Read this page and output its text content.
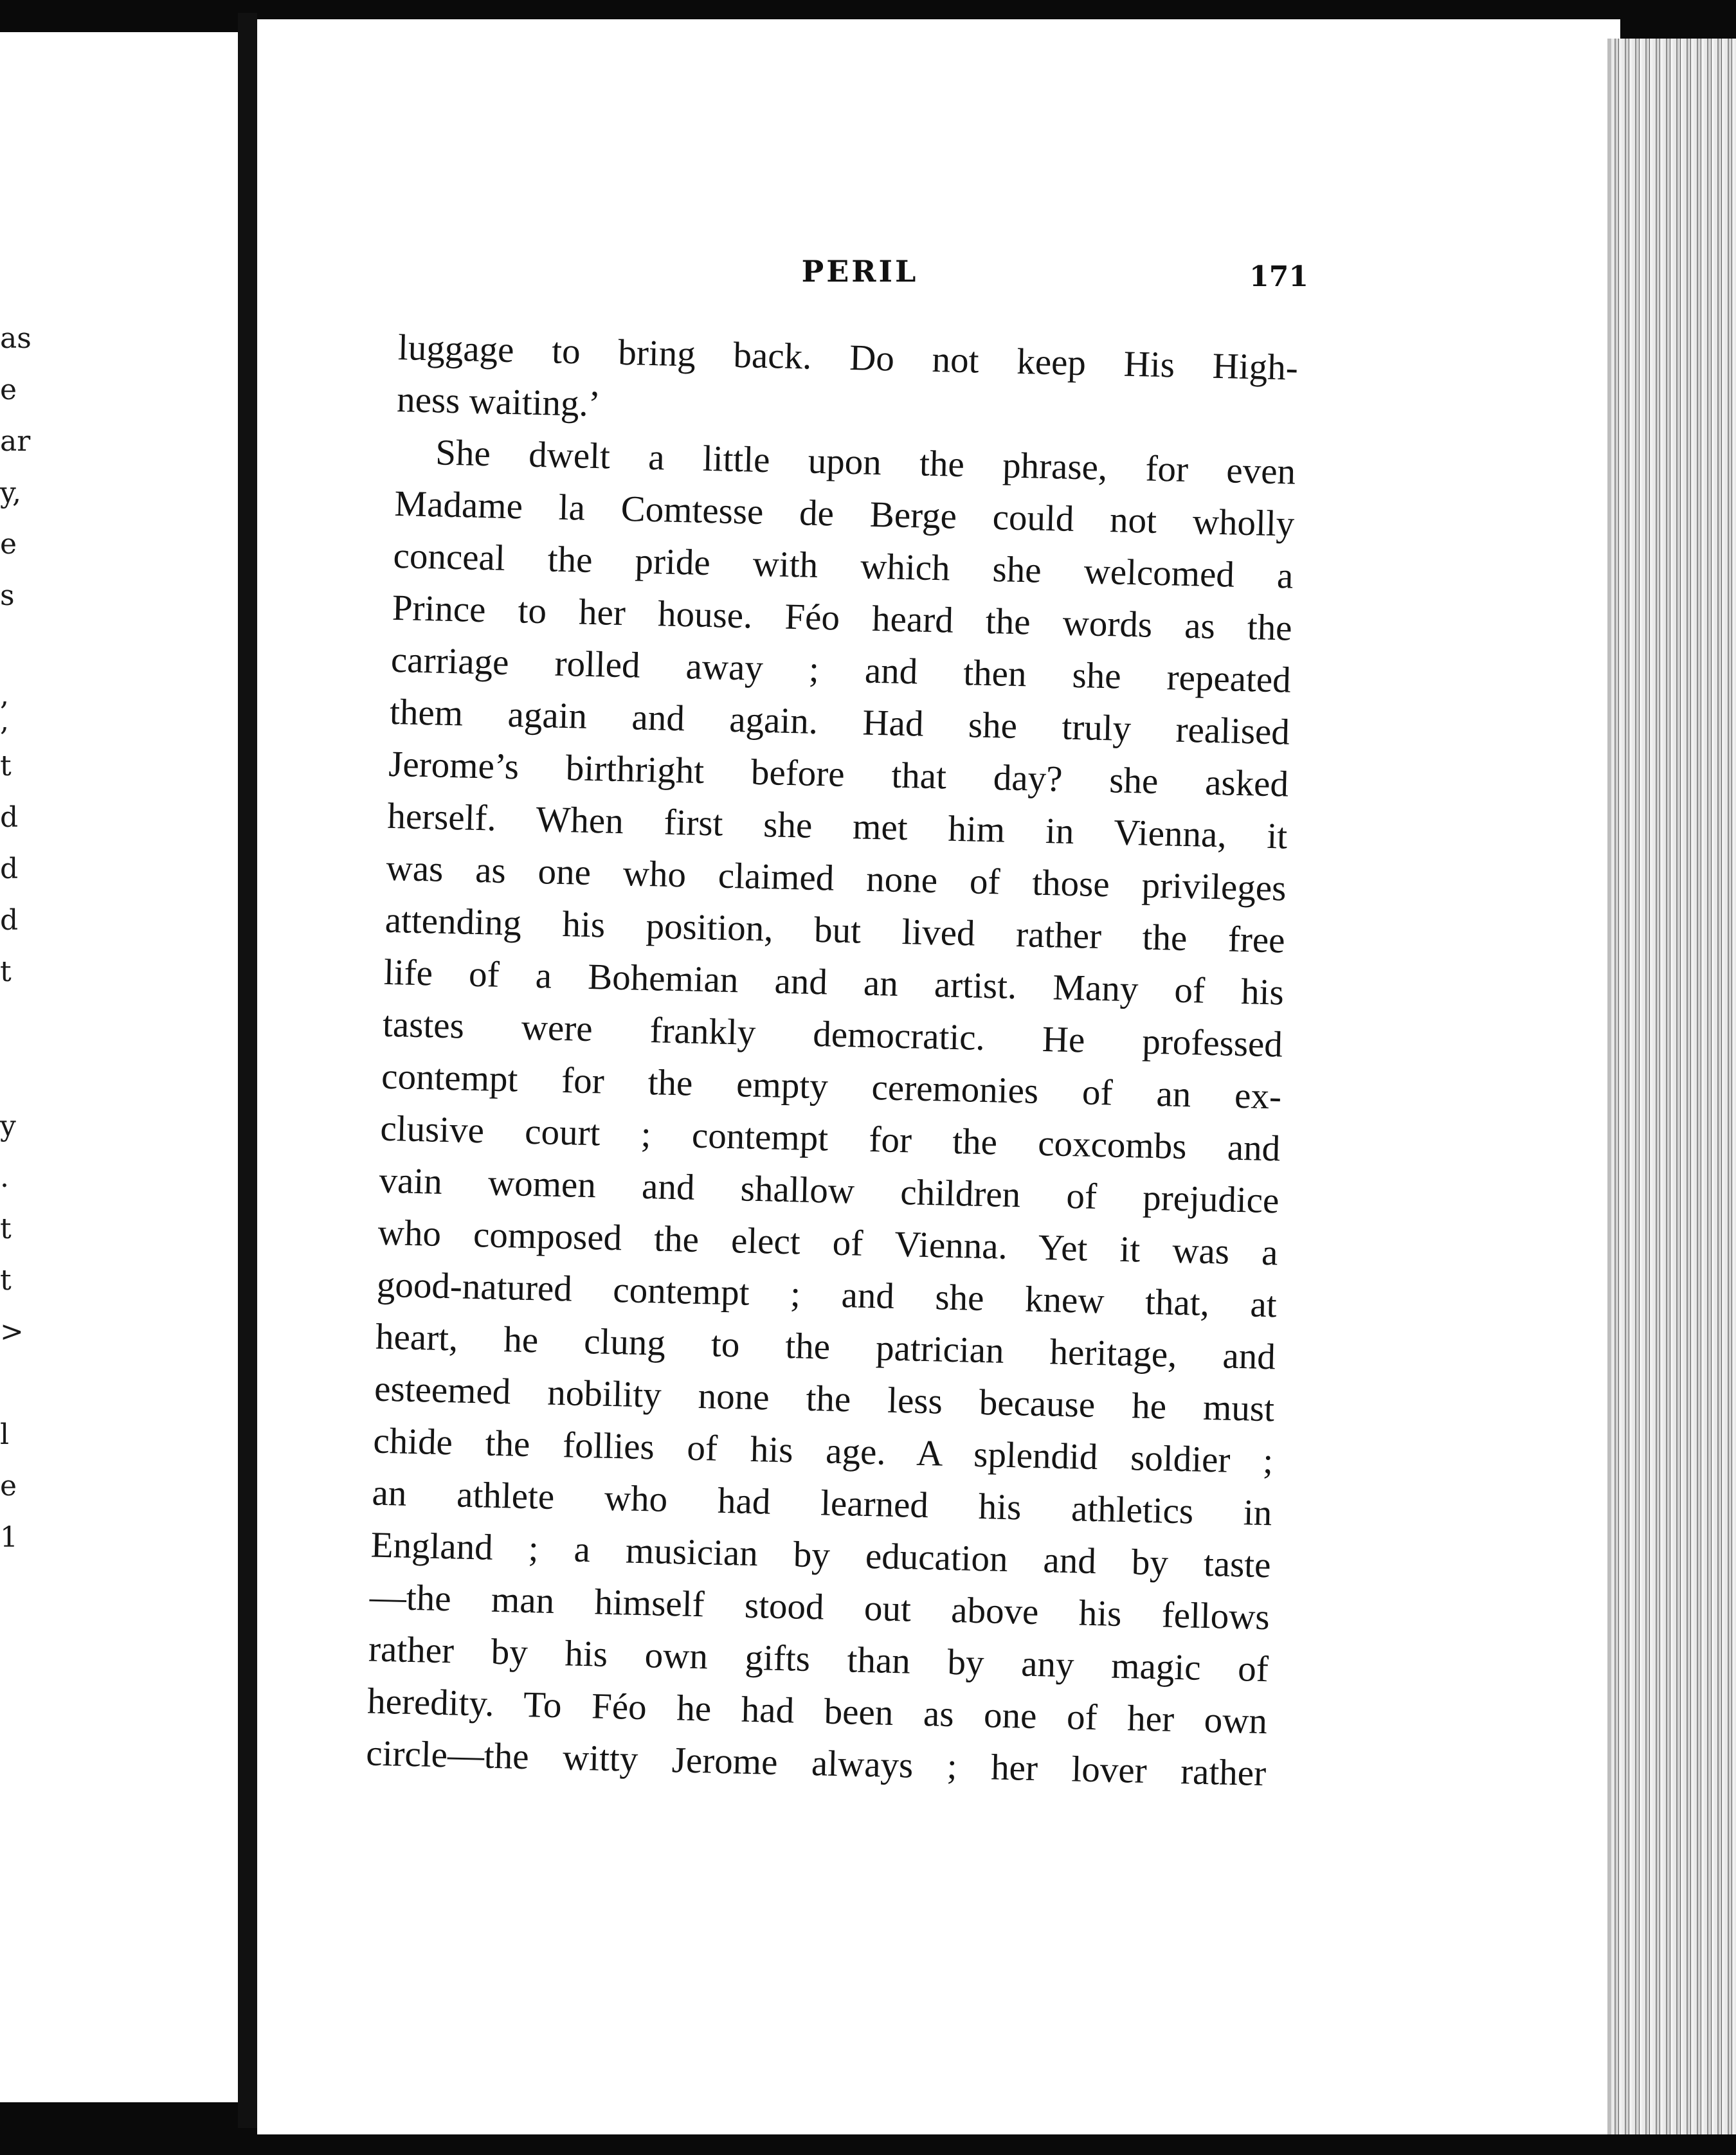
as
e
ar
y,
e
s
,
,
t
d
d
d
t
y
.
t
t
>
l
e
1
PERIL	171
luggage to bring back. Do not keep His High-
ness waiting.’
She dwelt a little upon the phrase, for even
Madame la Comtesse de Berge could not wholly
conceal the pride with which she welcomed a
Prince to her house. Féo heard the words as the
carriage rolled away ; and then she repeated
them again and again. Had she truly realised
Jerome’s birthright before that day? she asked
herself. When first she met him in Vienna, it
was as one who claimed none of those privileges
attending his position, but lived rather the free
life of a Bohemian and an artist. Many of his
tastes were frankly democratic. He professed
contempt for the empty ceremonies of an ex-
clusive court ; contempt for the coxcombs and
vain women and shallow children of prejudice
who composed the elect of Vienna. Yet it was a
good-natured contempt ; and she knew that, at
heart, he clung to the patrician heritage, and
esteemed nobility none the less because he must
chide the follies of his age. A splendid soldier ;
an athlete who had learned his athletics in
England ; a musician by education and by taste
—the man himself stood out above his fellows
rather by his own gifts than by any magic of
heredity. To Féo he had been as one of her own
circle—the witty Jerome always ; her lover rather
